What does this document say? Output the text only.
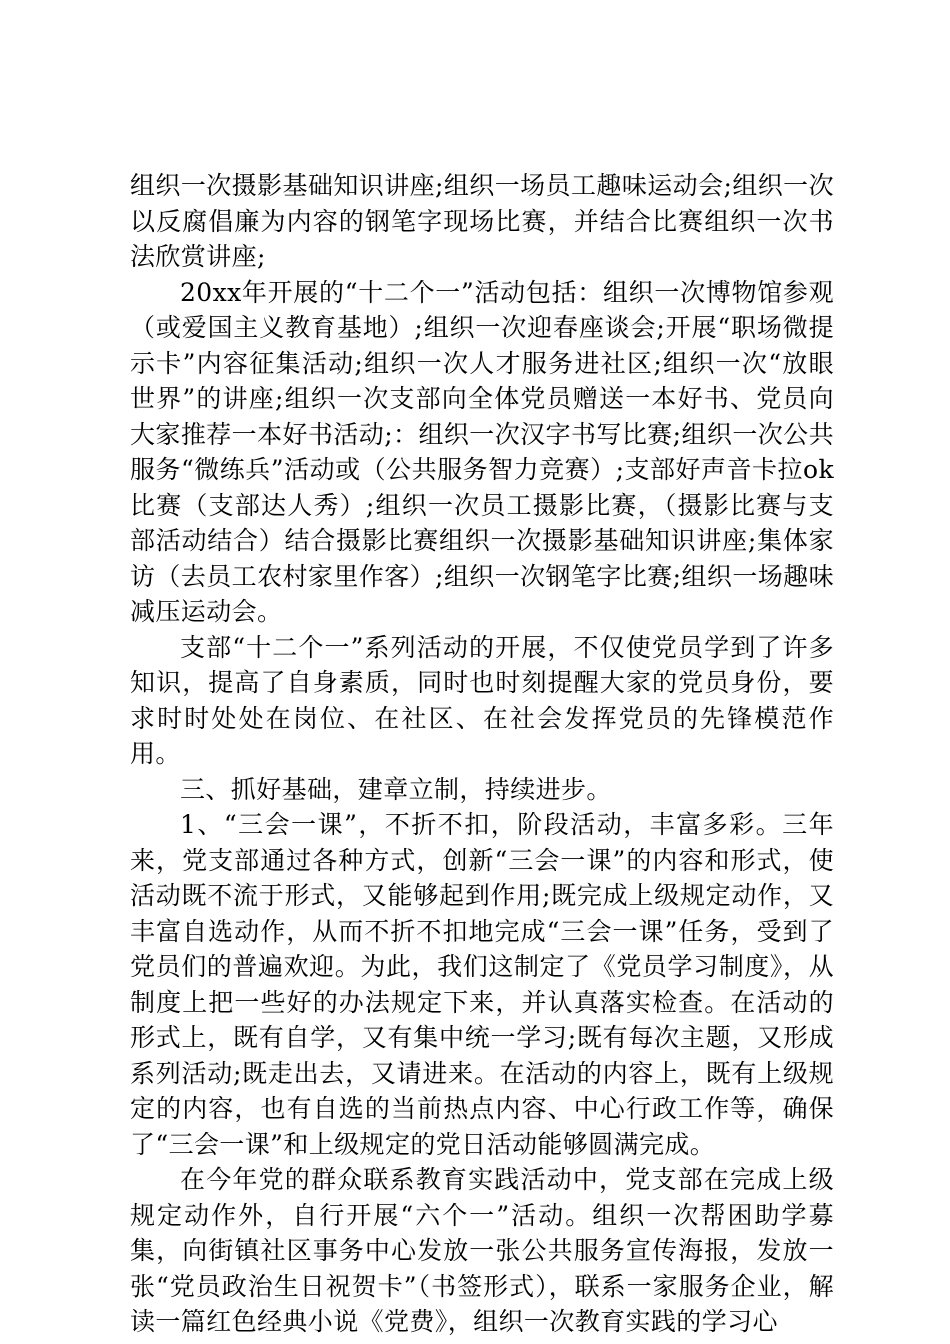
组织一次摄影基础知识讲座;组织一场员工趣味运动会;组织一次以反腐倡廉为内容的钢笔字现场比赛，并结合比赛组织一次书法欣赏讲座;

20xx年开展的“十二个一”活动包括：组织一次博物馆参观（或爱国主义教育基地）;组织一次迎春座谈会;开展“职场微提示卡”内容征集活动;组织一次人才服务进社区;组织一次“放眼世界”的讲座;组织一次支部向全体党员赠送一本好书、党员向大家推荐一本好书活动;：组织一次汉字书写比赛;组织一次公共服务“微练兵”活动或（公共服务智力竞赛）;支部好声音卡拉ok比赛（支部达人秀）;组织一次员工摄影比赛，（摄影比赛与支部活动结合）结合摄影比赛组织一次摄影基础知识讲座;集体家访（去员工农村家里作客）;组织一次钢笔字比赛;组织一场趣味减压运动会。

支部“十二个一”系列活动的开展，不仅使党员学到了许多知识，提高了自身素质，同时也时刻提醒大家的党员身份，要求时时处处在岗位、在社区、在社会发挥党员的先锋模范作用。

三、抓好基础，建章立制，持续进步。

1、“三会一课”，不折不扣，阶段活动，丰富多彩。三年来，党支部通过各种方式，创新“三会一课”的内容和形式，使活动既不流于形式，又能够起到作用;既完成上级规定动作，又丰富自选动作，从而不折不扣地完成“三会一课”任务，受到了党员们的普遍欢迎。为此，我们这制定了《党员学习制度》，从制度上把一些好的办法规定下来，并认真落实检查。在活动的形式上，既有自学，又有集中统一学习;既有每次主题，又形成系列活动;既走出去，又请进来。在活动的内容上，既有上级规定的内容，也有自选的当前热点内容、中心行政工作等，确保了“三会一课”和上级规定的党日活动能够圆满完成。

在今年党的群众联系教育实践活动中，党支部在完成上级规定动作外，自行开展“六个一”活动。组织一次帮困助学募集，向街镇社区事务中心发放一张公共服务宣传海报，发放一张“党员政治生日祝贺卡”（书签形式），联系一家服务企业，解读一篇红色经典小说《党费》，组织一次教育实践的学习心
